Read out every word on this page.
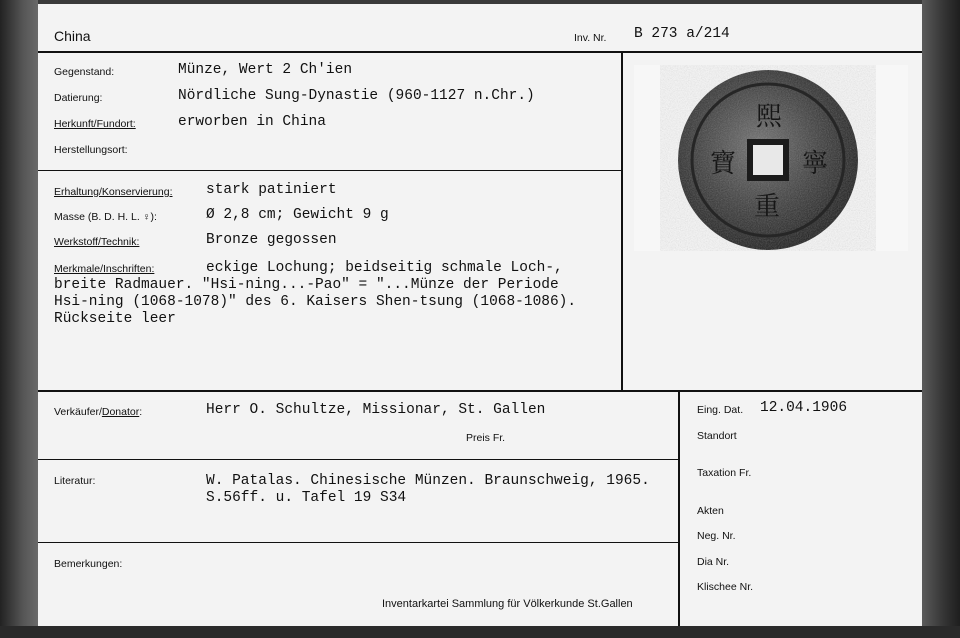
China	Inv. Nr. B 273 a/214
Gegenstand:	Münze, Wert 2 Ch'ien
Datierung:	Nördliche Sung-Dynastie (960-1127 n.Chr.)
Herkunft/Fundort:	erworben in China
Herstellungsort:
Erhaltung/Konservierung: stark patiniert
Masse (B. D. H. L. ♀):	Ø 2,8 cm; Gewicht 9 g
Werkstoff/Technik:	Bronze gegossen
Merkmale/Inschriften:	eckige Lochung; beidseitig schmale Loch-,
breite Radmauer. "Hsi-ning...-Pao" = "...Münze der Periode
Hsi-ning (1068-1078)" des 6. Kaisers Shen-tsung (1068-1086).
Rückseite leer
熙
寧
重
寶
Verkäufer/Donator:	Herr O. Schultze, Missionar, St. Gallen
Preis Fr.
Literatur:	W. Patalas. Chinesische Münzen. Braunschweig, 1965.
S.56ff. u. Tafel 19 S34
Bemerkungen:
Inventarkartei Sammlung für Völkerkunde St.Gallen
Eing. Dat. 12.04.1906
Standort
Taxation Fr.
Akten
Neg. Nr.
Dia Nr.
Klischee Nr.
